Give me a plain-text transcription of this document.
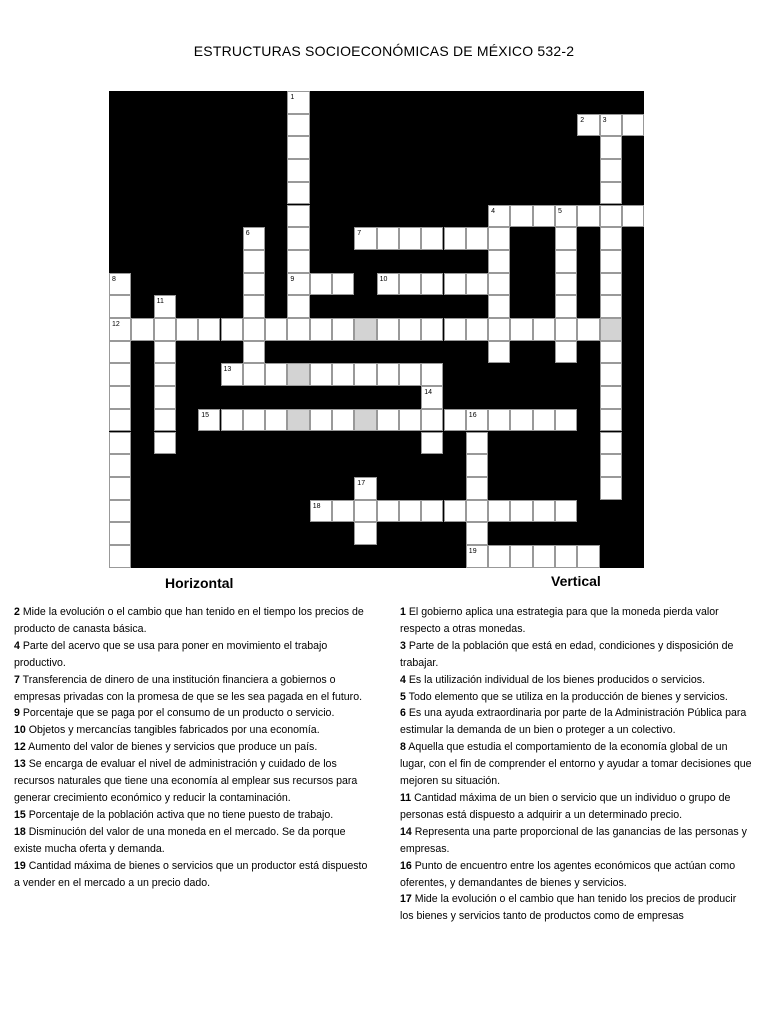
ESTRUCTURAS SOCIOECONÓMICAS DE MÉXICO 532-2
1
9
2	3
4	5
6	7
8
12
10
11
13
14
15	16
19
17
18
Horizontal	Vertical
2 Mide la evolución o el cambio que han tenido en el tiempo los precios de producto de canasta básica.
4 Parte del acervo que se usa para poner en movimiento el trabajo productivo.
7 Transferencia de dinero de una institución financiera a gobiernos o empresas privadas con la promesa de que se les sea pagada en el futuro.
9 Porcentaje que se paga por el consumo de un producto o servicio.
10 Objetos y mercancías tangibles fabricados por una economía.
12 Aumento del valor de bienes y servicios que produce un país.
13 Se encarga de evaluar el nivel de administración y cuidado de los recursos naturales que tiene una economía al emplear sus recursos para generar crecimiento económico y reducir la contaminación.
15 Porcentaje de la población activa que no tiene puesto de trabajo.
18 Disminución del valor de una moneda en el mercado. Se da porque existe mucha oferta y demanda.
19 Cantidad máxima de bienes o servicios que un productor está dispuesto a vender en el mercado a un precio dado.
1 El gobierno aplica una estrategia para que la moneda pierda valor respecto a otras monedas.
3 Parte de la población que está en edad, condiciones y disposición de trabajar.
4 Es la utilización individual de los bienes producidos o servicios.
5 Todo elemento que se utiliza en la producción de bienes y servicios.
6 Es una ayuda extraordinaria por parte de la Administración Pública para estimular la demanda de un bien o proteger a un colectivo.
8 Aquella que estudia el comportamiento de la economía global de un lugar, con el fin de comprender el entorno y ayudar a tomar decisiones que mejoren su situación.
11 Cantidad máxima de un bien o servicio que un individuo o grupo de personas está dispuesto a adquirir a un determinado precio.
14 Representa una parte proporcional de las ganancias de las personas y empresas.
16 Punto de encuentro entre los agentes económicos que actúan como oferentes, y demandantes de bienes y servicios.
17 Mide la evolución o el cambio que han tenido los precios de producir los bienes y servicios tanto de productos como de empresas
